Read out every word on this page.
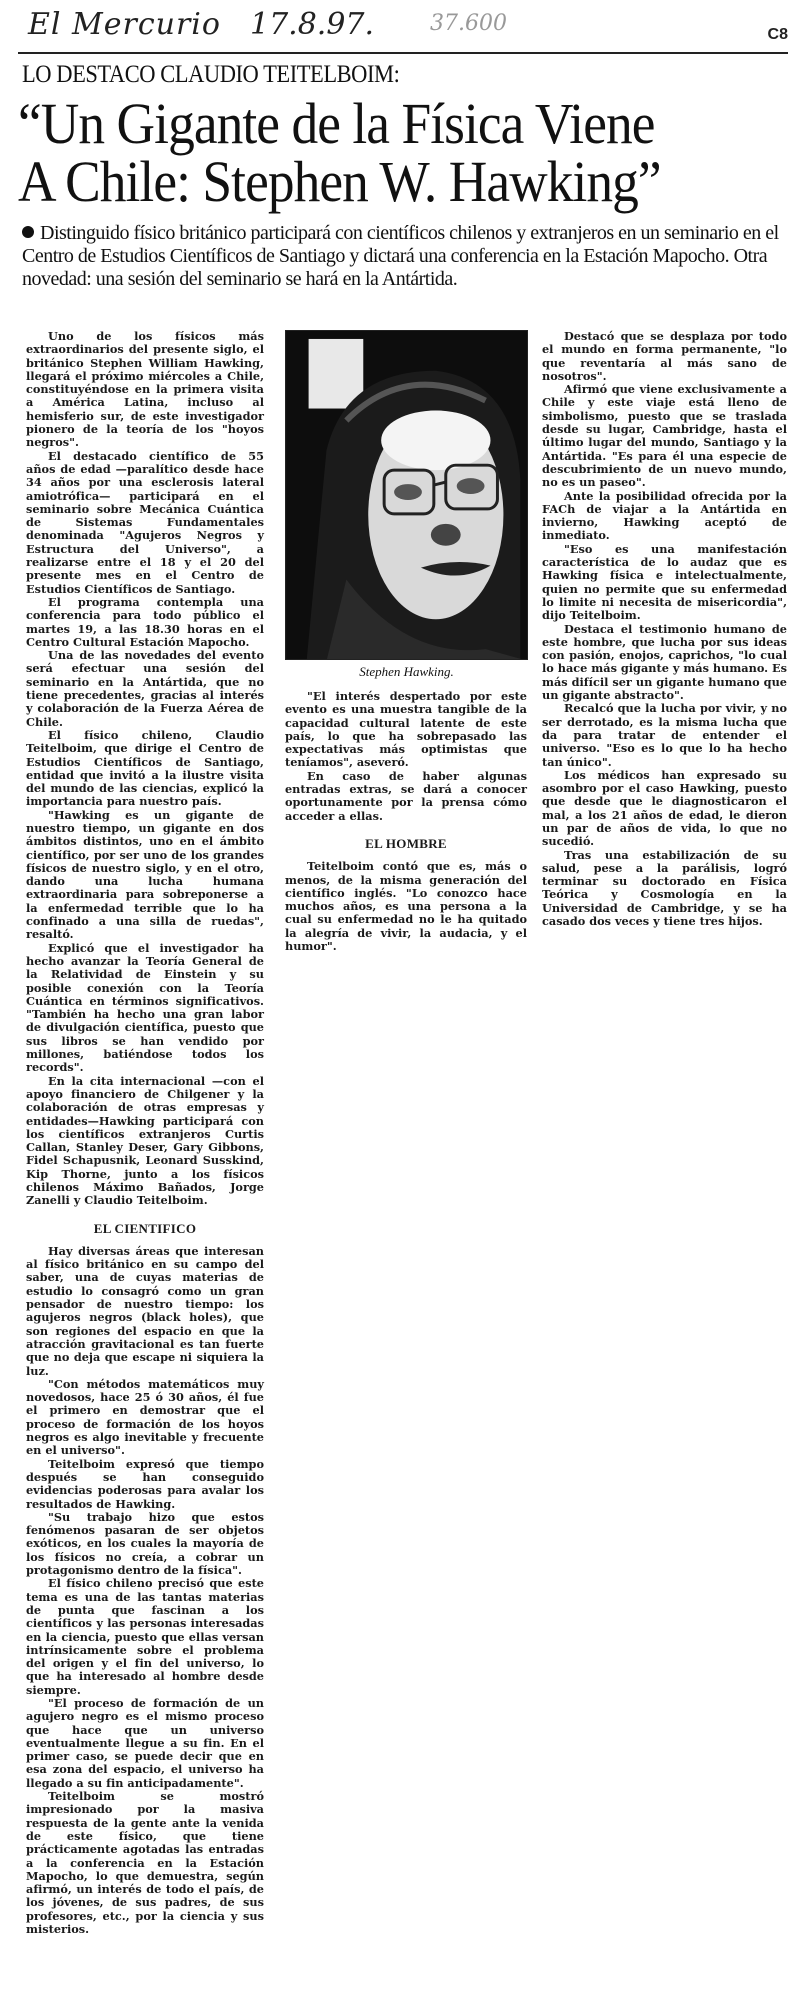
El Mercurio 17.8.97.	37.600	C8
LO DESTACO CLAUDIO TEITELBOIM:
“Un Gigante de la Física Viene
A Chile: Stephen W. Hawking”
Distinguido físico británico participará con científicos chilenos y extranjeros en un seminario en el Centro de Estudios Científicos de Santiago y dictará una conferencia en la Estación Mapocho. Otra novedad: una sesión del seminario se hará en la Antártida.

Uno de los físicos más extraordinarios del presente siglo, el británico Stephen William Hawking, llegará el próximo miércoles a Chile, constituyéndose en la primera visita a América Latina, incluso al hemisferio sur, de este investigador pionero de la teoría de los "hoyos negros".

El destacado científico de 55 años de edad —paralítico desde hace 34 años por una esclerosis lateral amiotrófica— participará en el seminario sobre Mecánica Cuántica de Sistemas Fundamentales denominada "Agujeros Negros y Estructura del Universo", a realizarse entre el 18 y el 20 del presente mes en el Centro de Estudios Científicos de Santiago.

El programa contempla una conferencia para todo público el martes 19, a las 18.30 horas en el Centro Cultural Estación Mapocho.

Una de las novedades del evento será efectuar una sesión del seminario en la Antártida, que no tiene precedentes, gracias al interés y colaboración de la Fuerza Aérea de Chile.

El físico chileno, Claudio Teitelboim, que dirige el Centro de Estudios Científicos de Santiago, entidad que invitó a la ilustre visita del mundo de las ciencias, explicó la importancia para nuestro país.

"Hawking es un gigante de nuestro tiempo, un gigante en dos ámbitos distintos, uno en el ámbito científico, por ser uno de los grandes físicos de nuestro siglo, y en el otro, dando una lucha humana extraordinaria para sobreponerse a la enfermedad terrible que lo ha confinado a una silla de ruedas", resaltó.

Explicó que el investigador ha hecho avanzar la Teoría General de la Relatividad de Einstein y su posible conexión con la Teoría Cuántica en términos significativos. "También ha hecho una gran labor de divulgación científica, puesto que sus libros se han vendido por millones, batiéndose todos los records".

En la cita internacional —con el apoyo financiero de Chilgener y la colaboración de otras empresas y entidades—Hawking participará con los científicos extranjeros Curtis Callan, Stanley Deser, Gary Gibbons, Fidel Schapusnik, Leonard Susskind, Kip Thorne, junto a los físicos chilenos Máximo Bañados, Jorge Zanelli y Claudio Teitelboim.

EL CIENTIFICO

Hay diversas áreas que interesan al físico británico en su campo del saber, una de cuyas materias de estudio lo consagró como un gran pensador de nuestro tiempo: los agujeros negros (black holes), que son regiones del espacio en que la atracción gravitacional es tan fuerte que no deja que escape ni siquiera la luz.

"Con métodos matemáticos muy novedosos, hace 25 ó 30 años, él fue el primero en demostrar que el proceso de formación de los hoyos negros es algo inevitable y frecuente en el universo".

Teitelboim expresó que tiempo después se han conseguido evidencias poderosas para avalar los resultados de Hawking.

"Su trabajo hizo que estos fenómenos pasaran de ser objetos exóticos, en los cuales la mayoría de los físicos no creía, a cobrar un protagonismo dentro de la física".

El físico chileno precisó que este tema es una de las tantas materias de punta que fascinan a los científicos y las personas interesadas en la ciencia, puesto que ellas versan intrínsicamente sobre el problema del origen y el fin del universo, lo que ha interesado al hombre desde siempre.

"El proceso de formación de un agujero negro es el mismo proceso que hace que un universo eventualmente llegue a su fin. En el primer caso, se puede decir que en esa zona del espacio, el universo ha llegado a su fin anticipadamente".

Teitelboim se mostró impresionado por la masiva respuesta de la gente ante la venida de este físico, que tiene prácticamente agotadas las entradas a la conferencia en la Estación Mapocho, lo que demuestra, según afirmó, un interés de todo el país, de los jóvenes, de sus padres, de sus profesores, etc., por la ciencia y sus misterios.

Stephen Hawking.

"El interés despertado por este evento es una muestra tangible de la capacidad cultural latente de este país, lo que ha sobrepasado las expectativas más optimistas que teníamos", aseveró.

En caso de haber algunas entradas extras, se dará a conocer oportunamente por la prensa cómo acceder a ellas.

EL HOMBRE

Teitelboim contó que es, más o menos, de la misma generación del científico inglés. "Lo conozco hace muchos años, es una persona a la cual su enfermedad no le ha quitado la alegría de vivir, la audacia, y el humor".

Destacó que se desplaza por todo el mundo en forma permanente, "lo que reventaría al más sano de nosotros".

Afirmó que viene exclusivamente a Chile y este viaje está lleno de simbolismo, puesto que se traslada desde su lugar, Cambridge, hasta el último lugar del mundo, Santiago y la Antártida. "Es para él una especie de descubrimiento de un nuevo mundo, no es un paseo".

Ante la posibilidad ofrecida por la FACh de viajar a la Antártida en invierno, Hawking aceptó de inmediato.

"Eso es una manifestación característica de lo audaz que es Hawking física e intelectualmente, quien no permite que su enfermedad lo limite ni necesita de misericordia", dijo Teitelboim.

Destaca el testimonio humano de este hombre, que lucha por sus ideas con pasión, enojos, caprichos, "lo cual lo hace más gigante y más humano. Es más difícil ser un gigante humano que un gigante abstracto".

Recalcó que la lucha por vivir, y no ser derrotado, es la misma lucha que da para tratar de entender el universo. "Eso es lo que lo ha hecho tan único".

Los médicos han expresado su asombro por el caso Hawking, puesto que desde que le diagnosticaron el mal, a los 21 años de edad, le dieron un par de años de vida, lo que no sucedió.

Tras una estabilización de su salud, pese a la parálisis, logró terminar su doctorado en Física Teórica y Cosmología en la Universidad de Cambridge, y se ha casado dos veces y tiene tres hijos.
